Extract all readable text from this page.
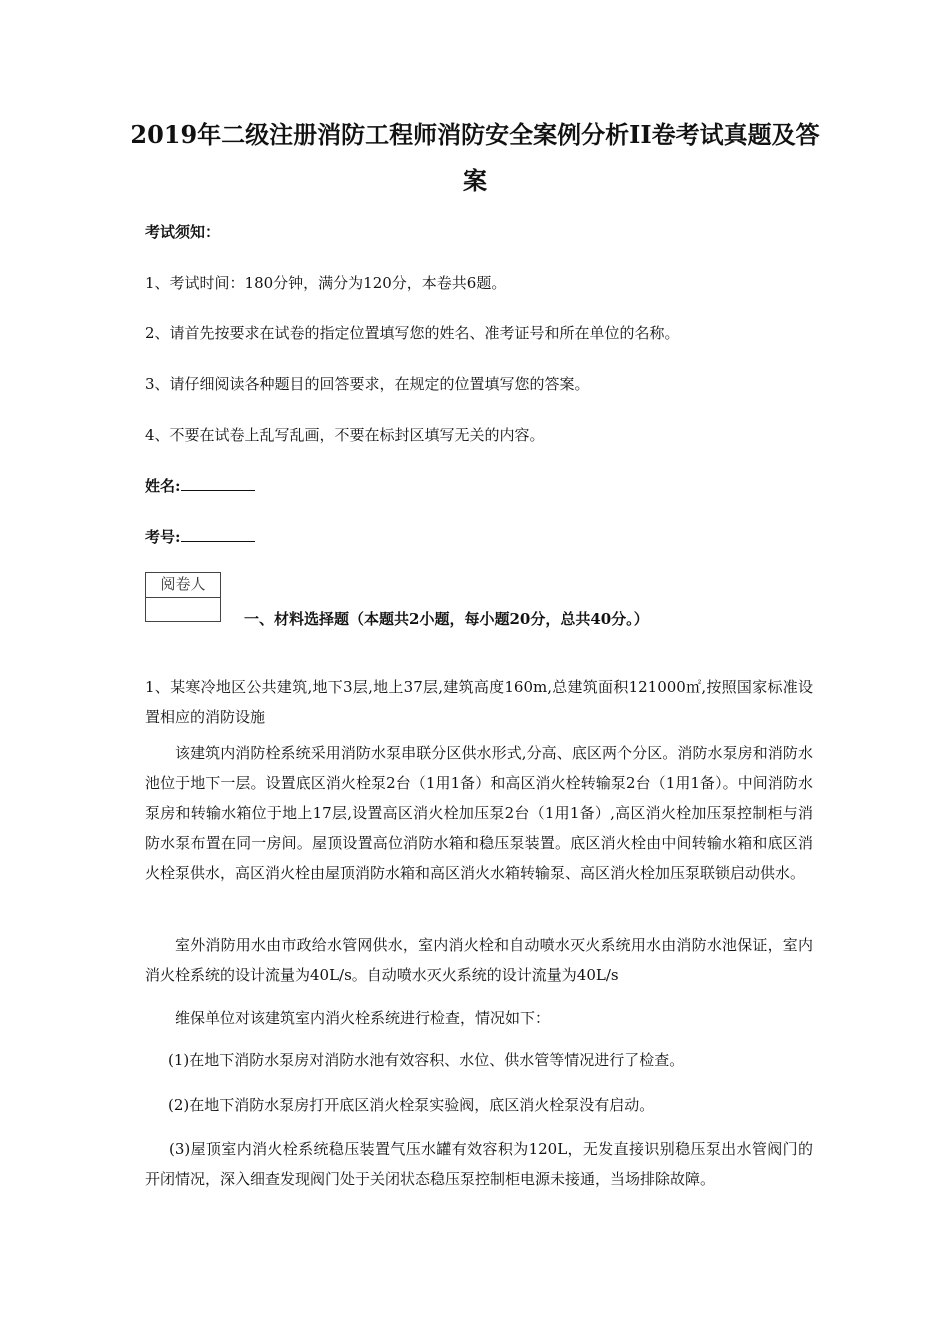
2019年二级注册消防工程师消防安全案例分析II卷考试真题及答案
考试须知：
1、考试时间：180分钟，满分为120分，本卷共6题。
2、请首先按要求在试卷的指定位置填写您的姓名、准考证号和所在单位的名称。
3、请仔细阅读各种题目的回答要求，在规定的位置填写您的答案。
4、不要在试卷上乱写乱画，不要在标封区填写无关的内容。
姓名:
考号:
阅卷人
一、材料选择题（本题共2小题，每小题20分，总共40分。）
1、某寒冷地区公共建筑,地下3层,地上37层,建筑高度160m,总建筑面积121000㎡,按照国家标准设置相应的消防设施
该建筑内消防栓系统采用消防水泵串联分区供水形式,分高、底区两个分区。消防水泵房和消防水池位于地下一层。设置底区消火栓泵2台（1用1备）和高区消火栓转输泵2台（1用1备）。中间消防水泵房和转输水箱位于地上17层,设置高区消火栓加压泵2台（1用1备）,高区消火栓加压泵控制柜与消防水泵布置在同一房间。屋顶设置高位消防水箱和稳压泵装置。底区消火栓由中间转输水箱和底区消火栓泵供水，高区消火栓由屋顶消防水箱和高区消火水箱转输泵、高区消火栓加压泵联锁启动供水。
室外消防用水由市政给水管网供水，室内消火栓和自动喷水灭火系统用水由消防水池保证，室内消火栓系统的设计流量为40L/s。自动喷水灭火系统的设计流量为40L/s
维保单位对该建筑室内消火栓系统进行检查，情况如下：
(1)在地下消防水泵房对消防水池有效容积、水位、供水管等情况进行了检查。
(2)在地下消防水泵房打开底区消火栓泵实验阀，底区消火栓泵没有启动。
(3)屋顶室内消火栓系统稳压装置气压水罐有效容积为120L，无发直接识别稳压泵出水管阀门的开闭情况，深入细查发现阀门处于关闭状态稳压泵控制柜电源未接通，当场排除故障。
